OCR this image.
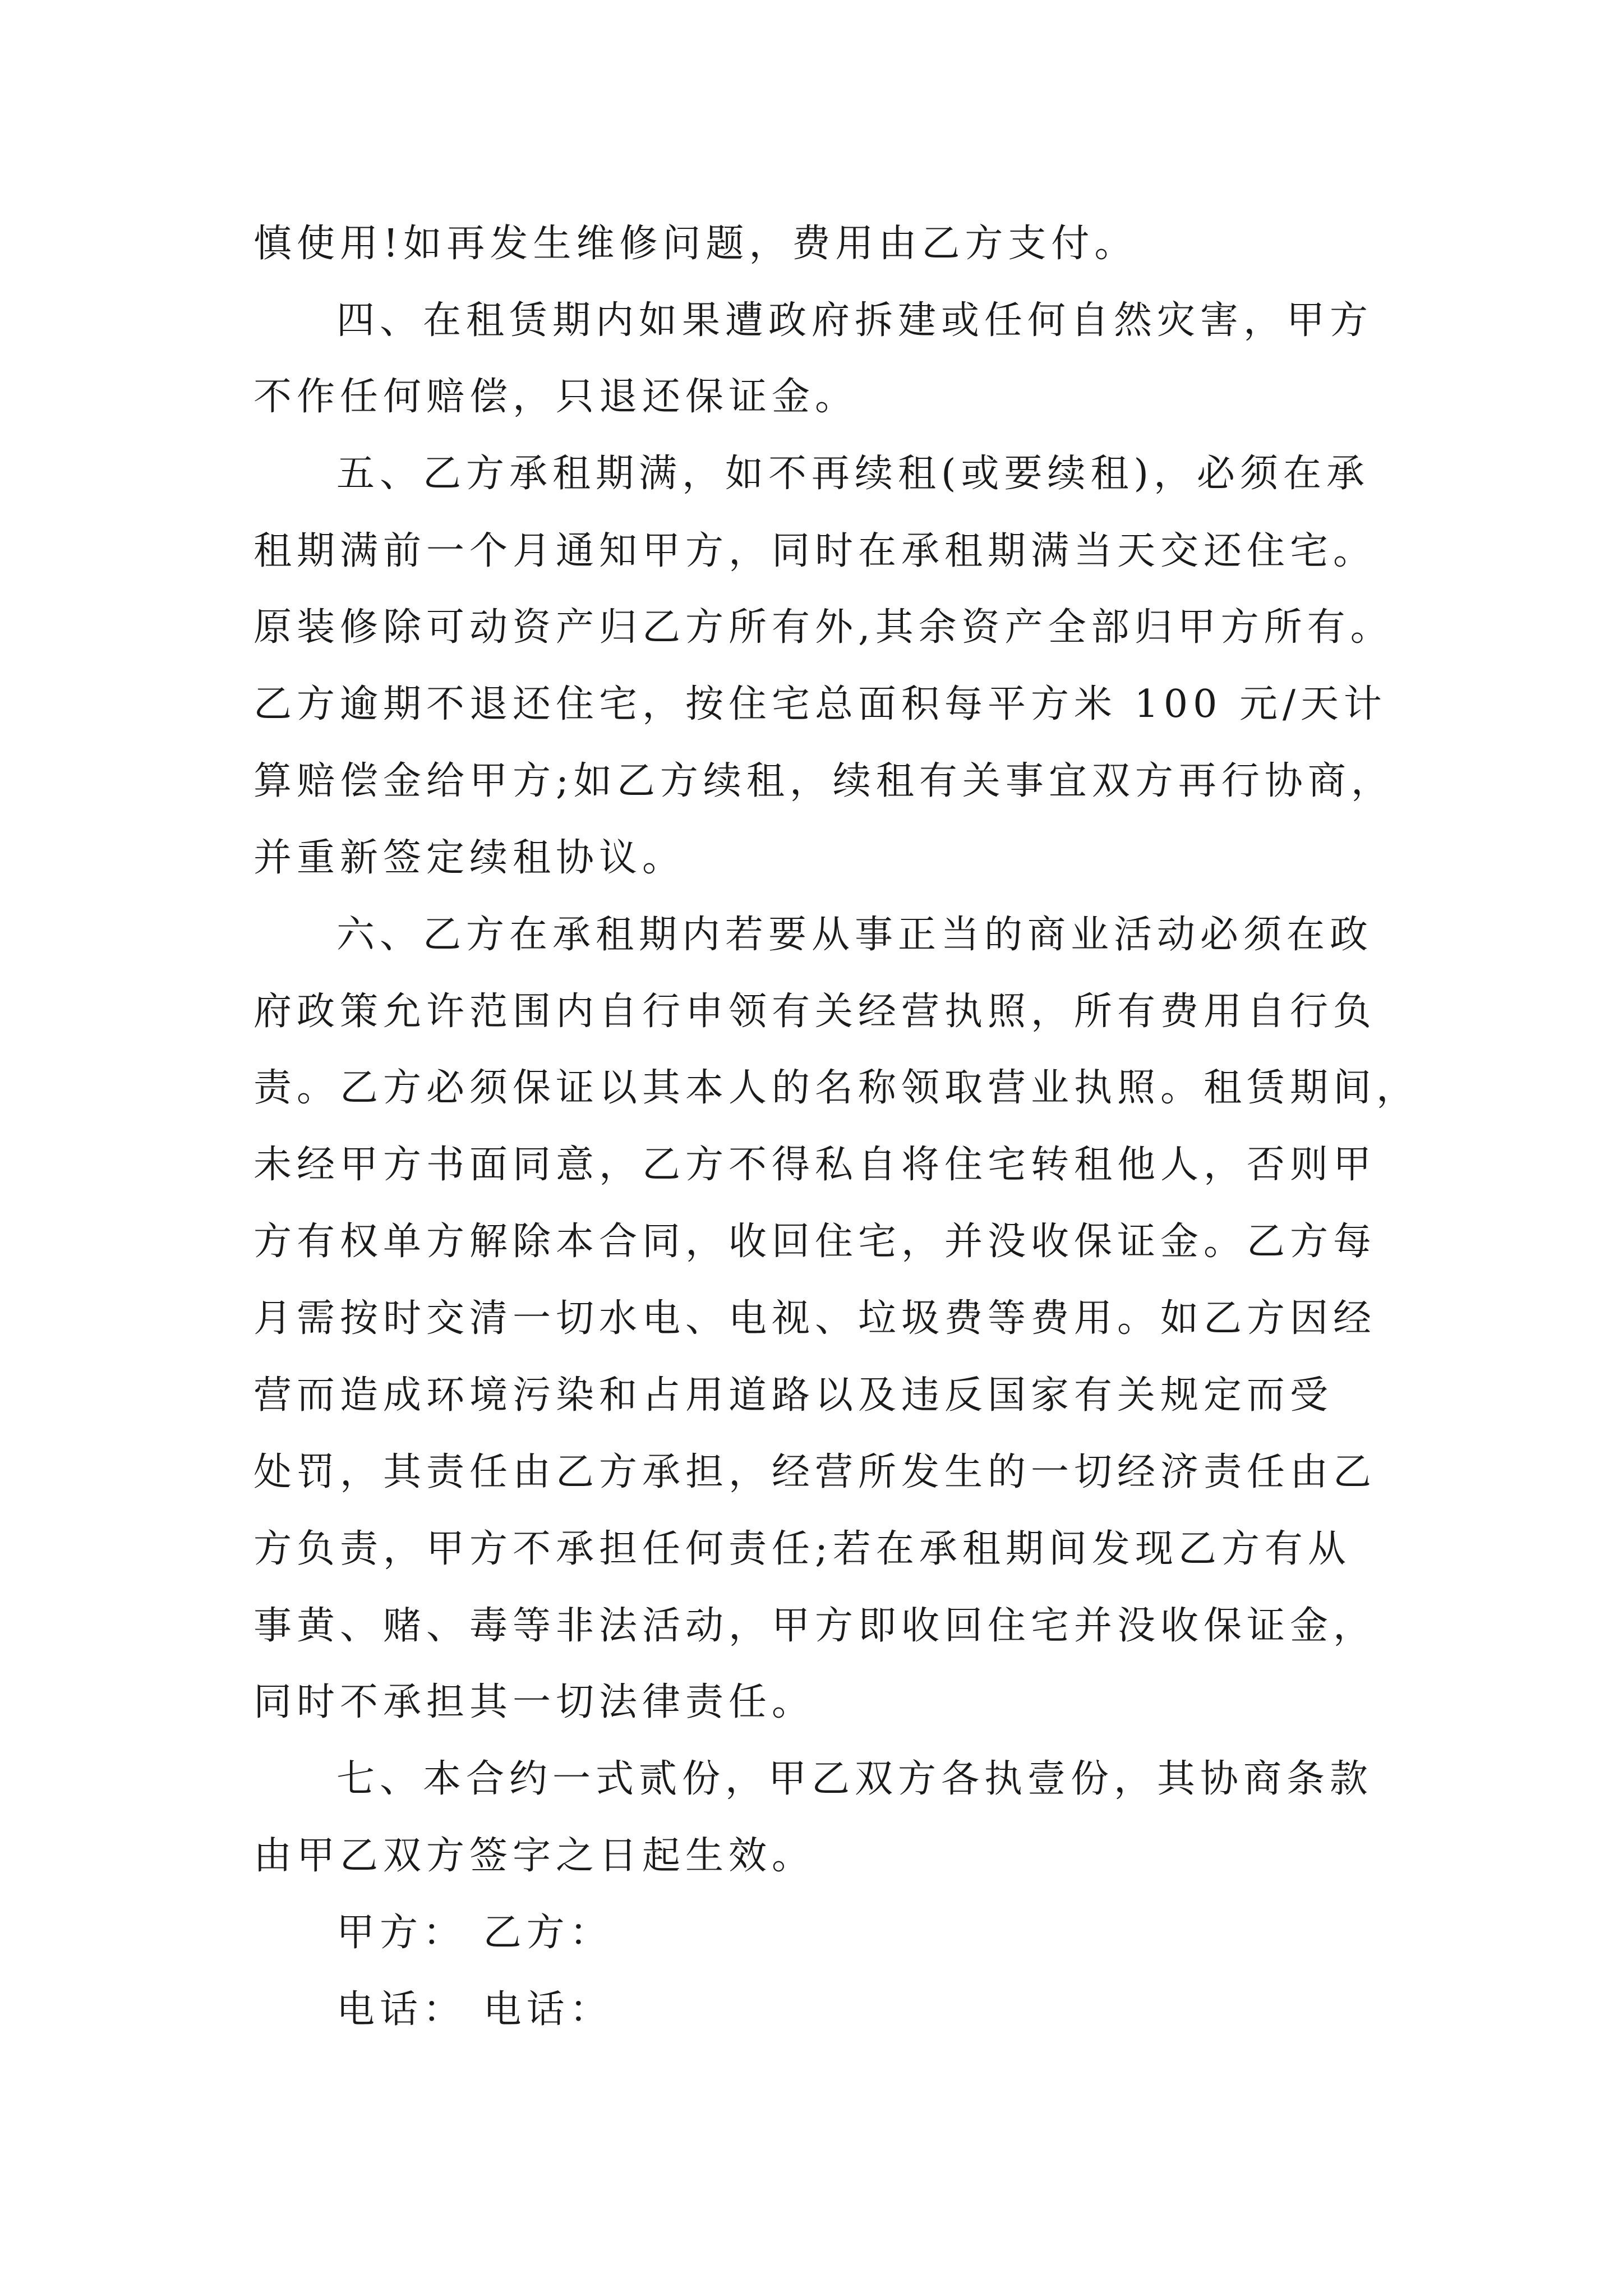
慎使用!如再发生维修问题，费用由乙方支付。

四、在租赁期内如果遭政府拆建或任何自然灾害，甲方

不作任何赔偿，只退还保证金。

五、乙方承租期满，如不再续租(或要续租)，必须在承

租期满前一个月通知甲方，同时在承租期满当天交还住宅。

原装修除可动资产归乙方所有外,其余资产全部归甲方所有。

乙方逾期不退还住宅，按住宅总面积每平方米 100 元/天计

算赔偿金给甲方;如乙方续租，续租有关事宜双方再行协商，

并重新签定续租协议。

六、乙方在承租期内若要从事正当的商业活动必须在政

府政策允许范围内自行申领有关经营执照，所有费用自行负

责。乙方必须保证以其本人的名称领取营业执照。租赁期间，

未经甲方书面同意，乙方不得私自将住宅转租他人，否则甲

方有权单方解除本合同，收回住宅，并没收保证金。乙方每

月需按时交清一切水电、电视、垃圾费等费用。如乙方因经

营而造成环境污染和占用道路以及违反国家有关规定而受

处罚，其责任由乙方承担，经营所发生的一切经济责任由乙

方负责，甲方不承担任何责任;若在承租期间发现乙方有从

事黄、赌、毒等非法活动，甲方即收回住宅并没收保证金，

同时不承担其一切法律责任。

七、本合约一式贰份，甲乙双方各执壹份，其协商条款

由甲乙双方签字之日起生效。

甲方： 乙方：

电话： 电话：
